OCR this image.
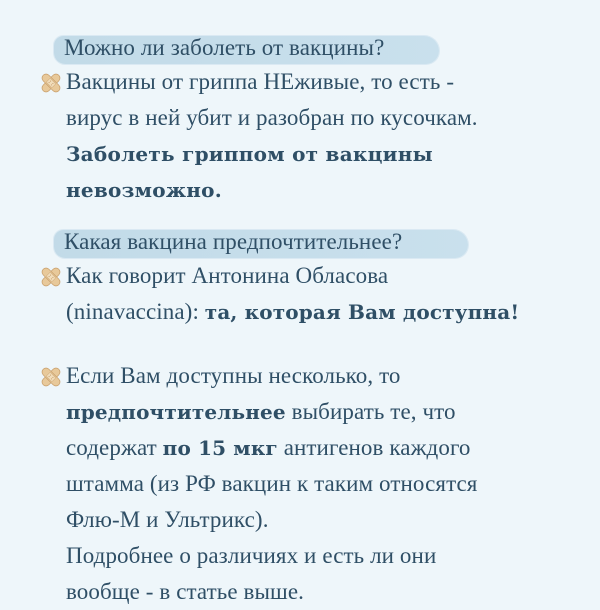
Можно ли заболеть от вакцины?
Вакцины от гриппа НЕживые, то есть -
вирус в ней убит и разобран по кусочкам.
Заболеть гриппом от вакцины
невозможно.
Какая вакцина предпочтительнее?
Как говорит Антонина Обласова
(ninavaccina): та, которая Вам доступна!
Если Вам доступны несколько, то
предпочтительнее выбирать те, что
содержат по 15 мкг антигенов каждого
штамма (из РФ вакцин к таким относятся
Флю-М и Ультрикс).
Подробнее о различиях и есть ли они
вообще - в статье выше.
